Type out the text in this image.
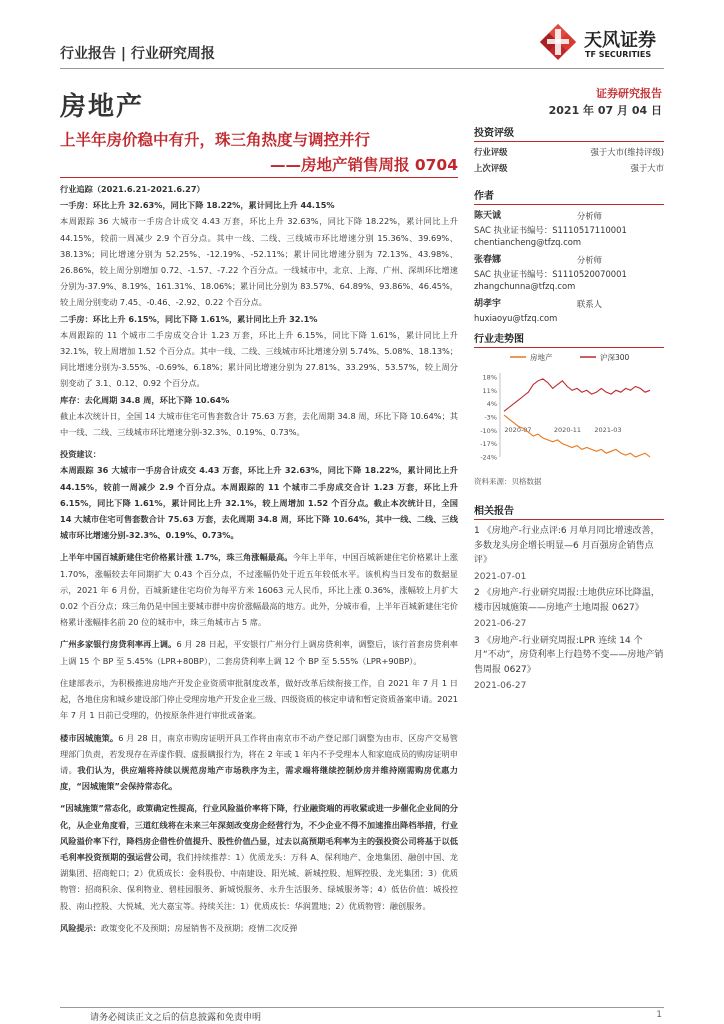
行业报告 | 行业研究周报
天风证券
TF SECURITIES
房地产	证券研究报告
2021 年 07 月 04 日
上半年房价稳中有升，珠三角热度与调控并行
——房地产销售周报 0704

行业追踪（2021.6.21-2021.6.27）

一手房：环比上升 32.63%，同比下降 18.22%，累计同比上升 44.15%

本周跟踪 36 大城市一手房合计成交 4.43 万套，环比上升 32.63%，同比下降 18.22%，累计同比上升 44.15%，较前一周减少 2.9 个百分点。其中一线、二线、三线城市环比增速分别 15.36%、39.69%、38.13%；同比增速分别为 52.25%、-12.19%、-52.11%；累计同比增速分别为 72.13%、43.98%、26.86%，较上周分别增加 0.72、-1.57、-7.22 个百分点。一线城市中，北京、上海、广州、深圳环比增速分别为-37.9%、8.19%、161.31%、18.06%；累计同比分别为 83.57%、64.89%、93.86%、46.45%，较上周分别变动 7.45、-0.46、-2.92、0.22 个百分点。

二手房：环比上升 6.15%，同比下降 1.61%，累计同比上升 32.1%

本周跟踪的 11 个城市二手房成交合计 1.23 万套，环比上升 6.15%，同比下降 1.61%，累计同比上升 32.1%，较上周增加 1.52 个百分点。其中一线、二线、三线城市环比增速分别 5.74%、5.08%、18.13%；同比增速分别为-3.55%、-0.69%、6.18%；累计同比增速分别为 27.81%、33.29%、53.57%，较上周分别变动了 3.1、0.12、0.92 个百分点。

库存：去化周期 34.8 周，环比下降 10.64%

截止本次统计日，全国 14 大城市住宅可售套数合计 75.63 万套，去化周期 34.8 周，环比下降 10.64%；其中一线、二线、三线城市环比增速分别-32.3%、0.19%、0.73%。

投资建议：

本周跟踪 36 大城市一手房合计成交 4.43 万套，环比上升 32.63%，同比下降 18.22%，累计同比上升 44.15%，较前一周减少 2.9 个百分点。本周跟踪的 11 个城市二手房成交合计 1.23 万套，环比上升 6.15%，同比下降 1.61%，累计同比上升 32.1%，较上周增加 1.52 个百分点。截止本次统计日，全国 14 大城市住宅可售套数合计 75.63 万套，去化周期 34.8 周，环比下降 10.64%，其中一线、二线、三线城市环比增速分别-32.3%、0.19%、0.73%。

上半年中国百城新建住宅价格累计涨 1.7%，珠三角涨幅最高。今年上半年，中国百城新建住宅价格累计上涨 1.70%，涨幅较去年同期扩大 0.43 个百分点，不过涨幅仍处于近五年较低水平。该机构当日发布的数据显示，2021 年 6 月份，百城新建住宅均价为每平方米 16063 元人民币，环比上涨 0.36%，涨幅较上月扩大 0.02 个百分点；珠三角仍是中国主要城市群中房价涨幅最高的地方。此外，分城市看，上半年百城新建住宅价格累计涨幅排名前 20 位的城市中，珠三角城市占 5 席。

广州多家银行房贷利率再上调。6 月 28 日起，平安银行广州分行上调房贷利率，调整后，该行首套房贷利率上调 15 个 BP 至 5.45%（LPR+80BP），二套房贷利率上调 12 个 BP 至 5.55%（LPR+90BP）。

住建部表示，为积极推进房地产开发企业资质审批制度改革，做好改革后续衔接工作，自 2021 年 7 月 1 日起，各地住房和城乡建设部门停止受理房地产开发企业三级、四级资质的核定申请和暂定资质备案申请。2021 年 7 月 1 日前已受理的，仍按原条件进行审批或备案。

楼市因城施策。6 月 28 日，南京市购房证明开具工作将由南京市不动产登记部门调整为由市、区房产交易管理部门负责，若发现存在弄虚作假、虚报瞒报行为，将在 2 年或 1 年内不予受理本人和家庭成员的购房证明申请。我们认为，供应端将持续以规范房地产市场秩序为主，需求端将继续控制炒房并维持刚需购房优惠力度，“因城施策”会保持常态化。

“因城施策”常态化，政策确定性提高，行业风险溢价率将下降，行业融资端的再收紧或进一步催化企业间的分化，从企业角度看，三道红线将在未来三年深刻改变房企经营行为，不少企业不得不加速推出降档举措，行业风险溢价率下行，降档房企借性价值提升、股性价值凸显，过去以高预期毛利率为主的强投资公司将基于以低毛利率投资预期的强运营公司，我们持续推荐：1）优质龙头：万科 A、保利地产、金地集团、融创中国、龙湖集团、招商蛇口；2）优质成长：金科股份、中南建设、阳光城、新城控股、旭辉控股、龙光集团；3）优质物管：招商积余、保利物业、碧桂园服务、新城悦服务、永升生活服务、绿城服务等；4）低估价值：城投控股、南山控股、大悦城、光大嘉宝等。持续关注：1）优质成长：华润置地；2）优质物管：融创服务。

风险提示：政策变化不及预期；房屋销售不及预期；疫情二次反弹

投资评级
行业评级	强于大市(维持评级)
上次评级	强于大市
作者
陈天诚	分析师
SAC 执业证书编号：S1110517110001
chentiancheng@tfzq.com
张春娜	分析师
SAC 执业证书编号：S1110520070001
zhangchunna@tfzq.com
胡孝宇	联系人
huxiaoyu@tfzq.com
行业走势图
房地产	沪深300
18%
11%
4%
-3%
-10%
-17%
-24%
2020-07	2020-11 2021-03
资料来源：贝格数据
相关报告

1 《房地产-行业点评:6 月单月同比增速改善，多数龙头房企增长明显—6 月百强房企销售点评》

2021-07-01

2 《房地产-行业研究周报:土地供应环比降温，楼市因城施策——房地产土地周报 0627》

2021-06-27

3 《房地产-行业研究周报:LPR 连续 14 个月“不动”，房贷利率上行趋势不变——房地产销售周报 0627》

2021-06-27

请务必阅读正文之后的信息披露和免责申明	1
